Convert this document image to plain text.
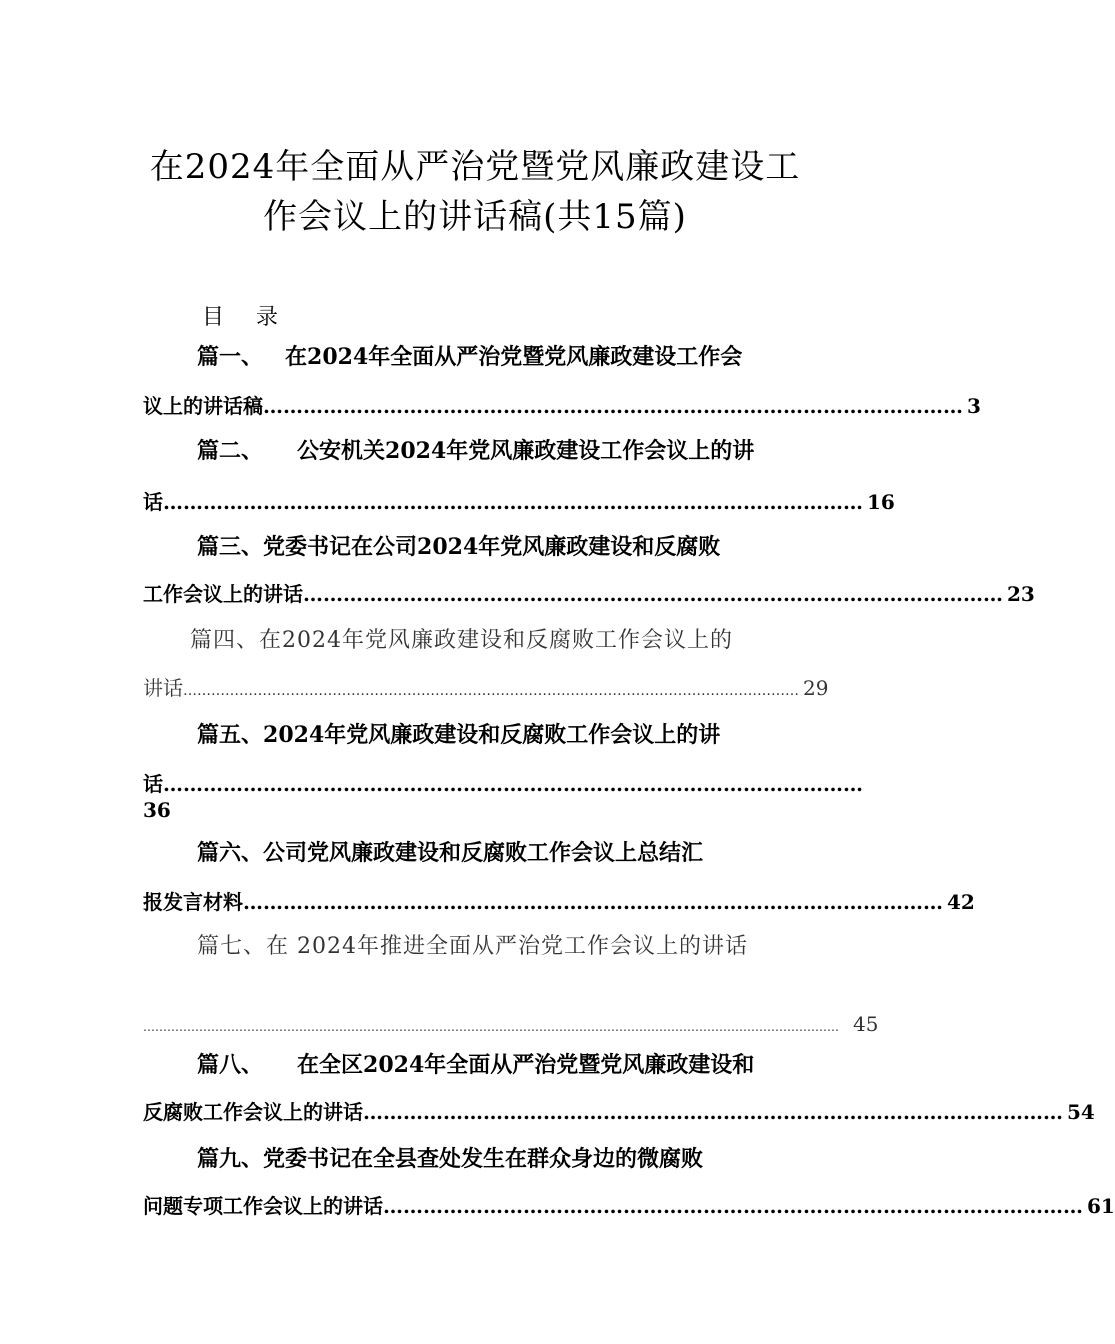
在2024年全面从严治党暨党风廉政建设工
作会议上的讲话稿(共15篇)
目 录
篇一、 在2024年全面从严治党暨党风廉政建设工作会
议上的讲话稿 …………………………………………………………………………………………… 3
篇二、 公安机关2024年党风廉政建设工作会议上的讲
话 …………………………………………………………………………………………… 16
篇三、党委书记在公司2024年党风廉政建设和反腐败
工作会议上的讲话 …………………………………………………………………………………………… 23
篇四、在2024年党风廉政建设和反腐败工作会议上的
讲话 …………………………………………………………………………………………………………………… 29
篇五、2024年党风廉政建设和反腐败工作会议上的讲
话 ……………………………………………………………………………………………
36
篇六、公司党风廉政建设和反腐败工作会议上总结汇
报发言材料 …………………………………………………………………………………………… 42
篇七、在 2024年推进全面从严治党工作会议上的讲话
………………………………………………………………………………………………………………………………………………………… 45
篇八、 在全区2024年全面从严治党暨党风廉政建设和
反腐败工作会议上的讲话 …………………………………………………………………………………………… 54
篇九、党委书记在全县查处发生在群众身边的微腐败
问题专项工作会议上的讲话 …………………………………………………………………………………………… 61
